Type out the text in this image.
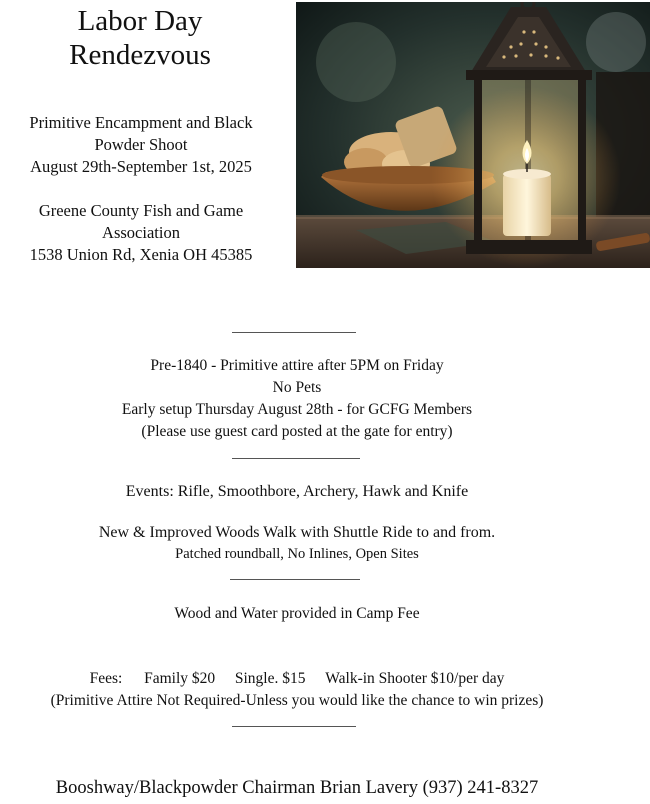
Labor Day
Rendezvous
Primitive Encampment and Black
Powder Shoot
August 29th-September 1st, 2025
Greene County Fish and Game
Association
1538 Union Rd, Xenia OH 45385
Pre-1840 - Primitive attire after 5PM on Friday
No Pets
Early setup Thursday August 28th - for GCFG Members
(Please use guest card posted at the gate for entry)
Events: Rifle, Smoothbore, Archery, Hawk and Knife
New & Improved Woods Walk with Shuttle Ride to and from.
Patched roundball, No Inlines, Open Sites
Wood and Water provided in Camp Fee
Fees: Family $20 Single. $15 Walk-in Shooter $10/per day
(Primitive Attire Not Required-Unless you would like the chance to win prizes)
Booshway/Blackpowder Chairman Brian Lavery (937) 241-8327
